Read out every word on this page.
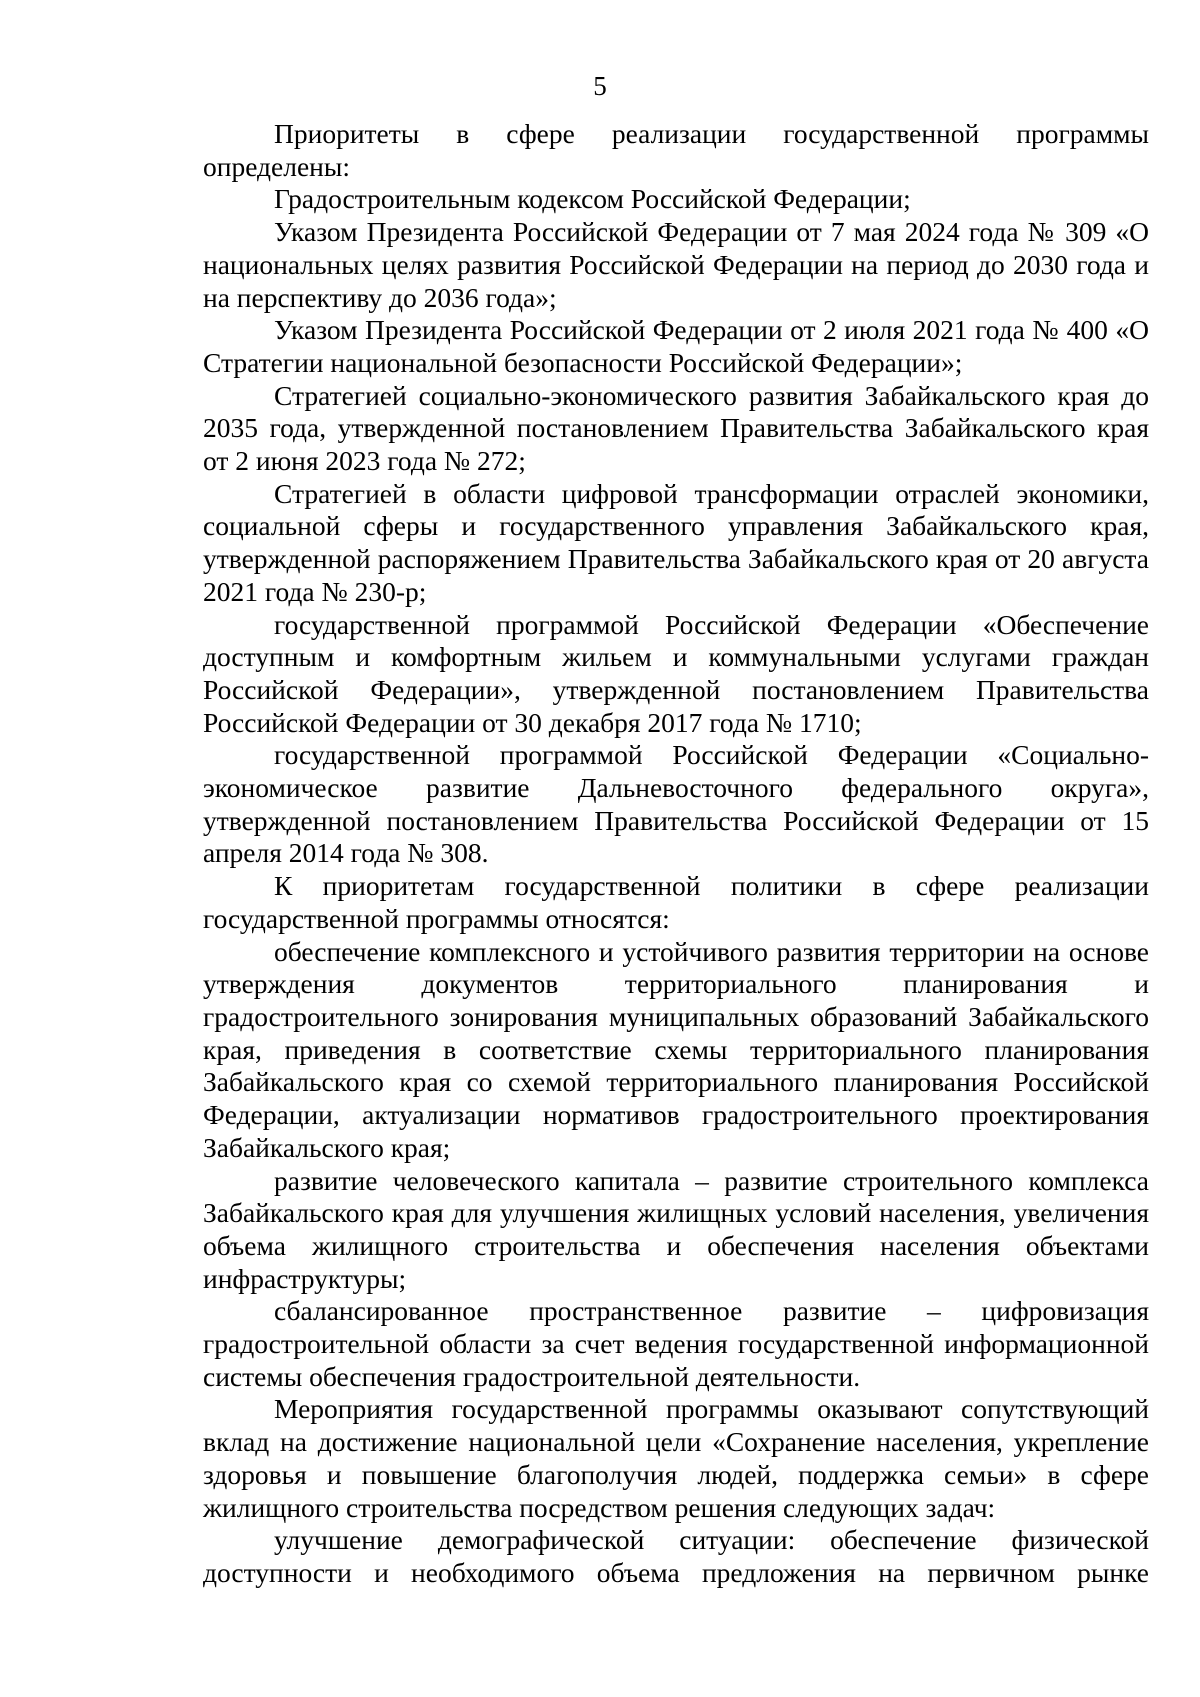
5

Приоритеты в сфере реализации государственной программы определены:

Градостроительным кодексом Российской Федерации;

Указом Президента Российской Федерации от 7 мая 2024 года № 309 «О национальных целях развития Российской Федерации на период до 2030 года и на перспективу до 2036 года»;

Указом Президента Российской Федерации от 2 июля 2021 года № 400 «О Стратегии национальной безопасности Российской Федерации»;

Стратегией социально-экономического развития Забайкальского края до 2035 года, утвержденной постановлением Правительства Забайкальского края от 2 июня 2023 года № 272;

Стратегией в области цифровой трансформации отраслей экономики, социальной сферы и государственного управления Забайкальского края, утвержденной распоряжением Правительства Забайкальского края от 20 августа 2021 года № 230-р;

государственной программой Российской Федерации «Обеспечение доступным и комфортным жильем и коммунальными услугами граждан Российской Федерации», утвержденной постановлением Правительства Российской Федерации от 30 декабря 2017 года № 1710;

государственной программой Российской Федерации «Социально-экономическое развитие Дальневосточного федерального округа», утвержденной постановлением Правительства Российской Федерации от 15 апреля 2014 года № 308.

К приоритетам государственной политики в сфере реализации государственной программы относятся:

обеспечение комплексного и устойчивого развития территории на основе утверждения документов территориального планирования и градостроительного зонирования муниципальных образований Забайкальского края, приведения в соответствие схемы территориального планирования Забайкальского края со схемой территориального планирования Российской Федерации, актуализации нормативов градостроительного проектирования Забайкальского края;

развитие человеческого капитала – развитие строительного комплекса Забайкальского края для улучшения жилищных условий населения, увеличения объема жилищного строительства и обеспечения населения объектами инфраструктуры;

сбалансированное пространственное развитие – цифровизация градостроительной области за счет ведения государственной информационной системы обеспечения градостроительной деятельности.

Мероприятия государственной программы оказывают сопутствующий вклад на достижение национальной цели «Сохранение населения, укрепление здоровья и повышение благополучия людей, поддержка семьи» в сфере жилищного строительства посредством решения следующих задач:

улучшение демографической ситуации: обеспечение физической доступности и необходимого объема предложения на первичном рынке
